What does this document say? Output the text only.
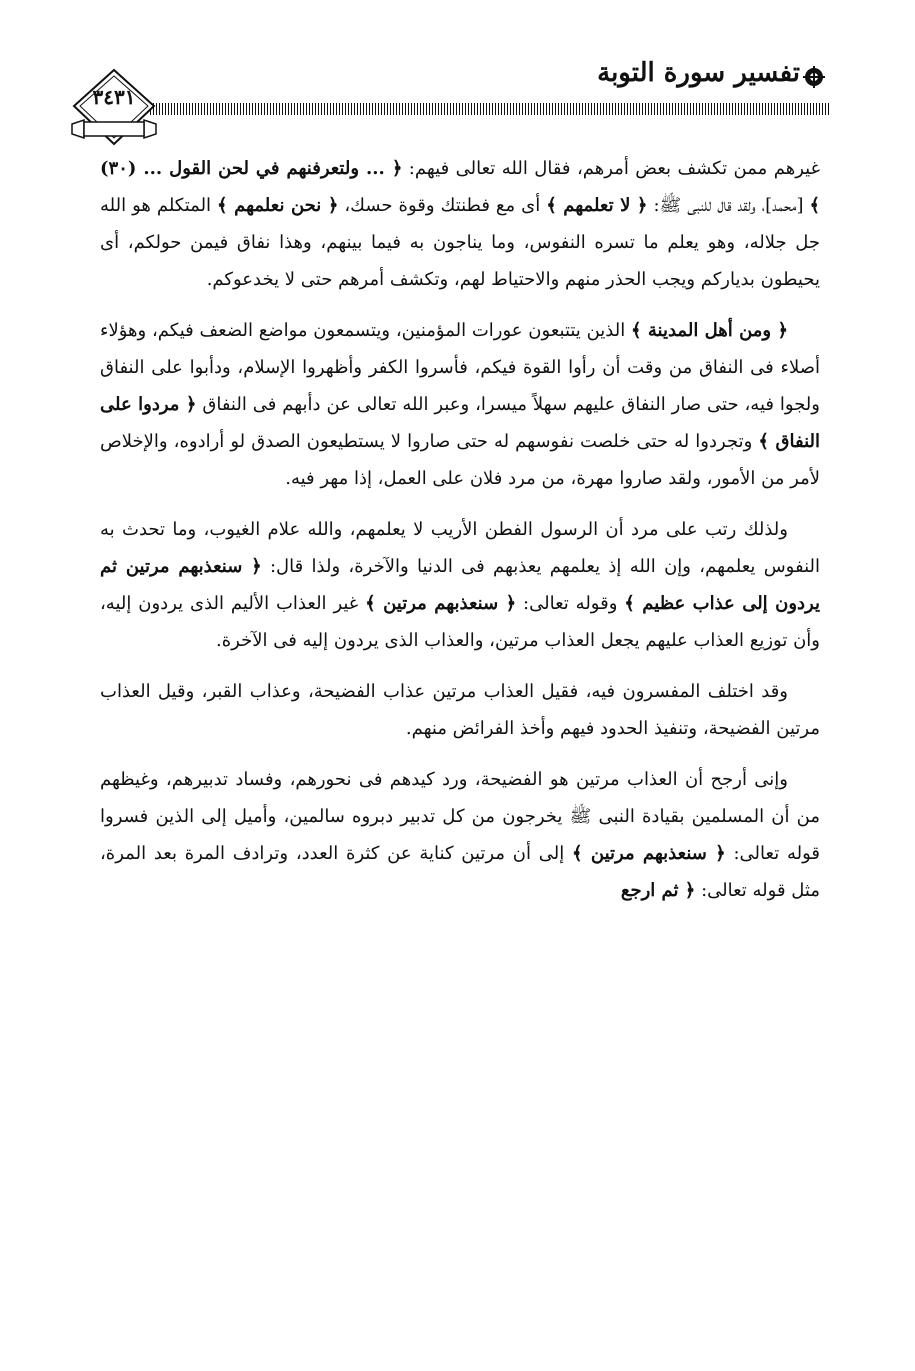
تفسير سورة التوبة
٣٤٣١

غيرهم ممن تكشف بعض أمرهم، فقال الله تعالى فيهم: ﴿ ... ولتعرفنهم في لحن القول ... (٣٠) ﴾ [محمد]، ولقد قال للنبى ﷺ: ﴿ لا تعلمهم ﴾ أى مع فطنتك وقوة حسك، ﴿ نحن نعلمهم ﴾ المتكلم هو الله جل جلاله، وهو يعلم ما تسره النفوس، وما يناجون به فيما بينهم، وهذا نفاق فيمن حولكم، أى يحيطون بدياركم ويجب الحذر منهم والاحتياط لهم، وتكشف أمرهم حتى لا يخدعوكم.

﴿ ومن أهل المدينة ﴾ الذين يتتبعون عورات المؤمنين، ويتسمعون مواضع الضعف فيكم، وهؤلاء أصلاء فى النفاق من وقت أن رأوا القوة فيكم، فأسروا الكفر وأظهروا الإسلام، ودأبوا على النفاق ولجوا فيه، حتى صار النفاق عليهم سهلاً ميسرا، وعبر الله تعالى عن دأبهم فى النفاق ﴿ مردوا على النفاق ﴾ وتجردوا له حتى خلصت نفوسهم له حتى صاروا لا يستطيعون الصدق لو أرادوه، والإخلاص لأمر من الأمور، ولقد صاروا مهرة، من مرد فلان على العمل، إذا مهر فيه.

ولذلك رتب على مرد أن الرسول الفطن الأريب لا يعلمهم، والله علام الغيوب، وما تحدث به النفوس يعلمهم، وإن الله إذ يعلمهم يعذبهم فى الدنيا والآخرة، ولذا قال: ﴿ سنعذبهم مرتين ثم يردون إلى عذاب عظيم ﴾ وقوله تعالى: ﴿ سنعذبهم مرتين ﴾ غير العذاب الأليم الذى يردون إليه، وأن توزيع العذاب عليهم يجعل العذاب مرتين، والعذاب الذى يردون إليه فى الآخرة.

وقد اختلف المفسرون فيه، فقيل العذاب مرتين عذاب الفضيحة، وعذاب القبر، وقيل العذاب مرتين الفضيحة، وتنفيذ الحدود فيهم وأخذ الفرائض منهم.

وإنى أرجح أن العذاب مرتين هو الفضيحة، ورد كيدهم فى نحورهم، وفساد تدبيرهم، وغيظهم من أن المسلمين بقيادة النبى ﷺ يخرجون من كل تدبير دبروه سالمين، وأميل إلى الذين فسروا قوله تعالى: ﴿ سنعذبهم مرتين ﴾ إلى أن مرتين كناية عن كثرة العدد، وترادف المرة بعد المرة، مثل قوله تعالى: ﴿ ثم ارجع
